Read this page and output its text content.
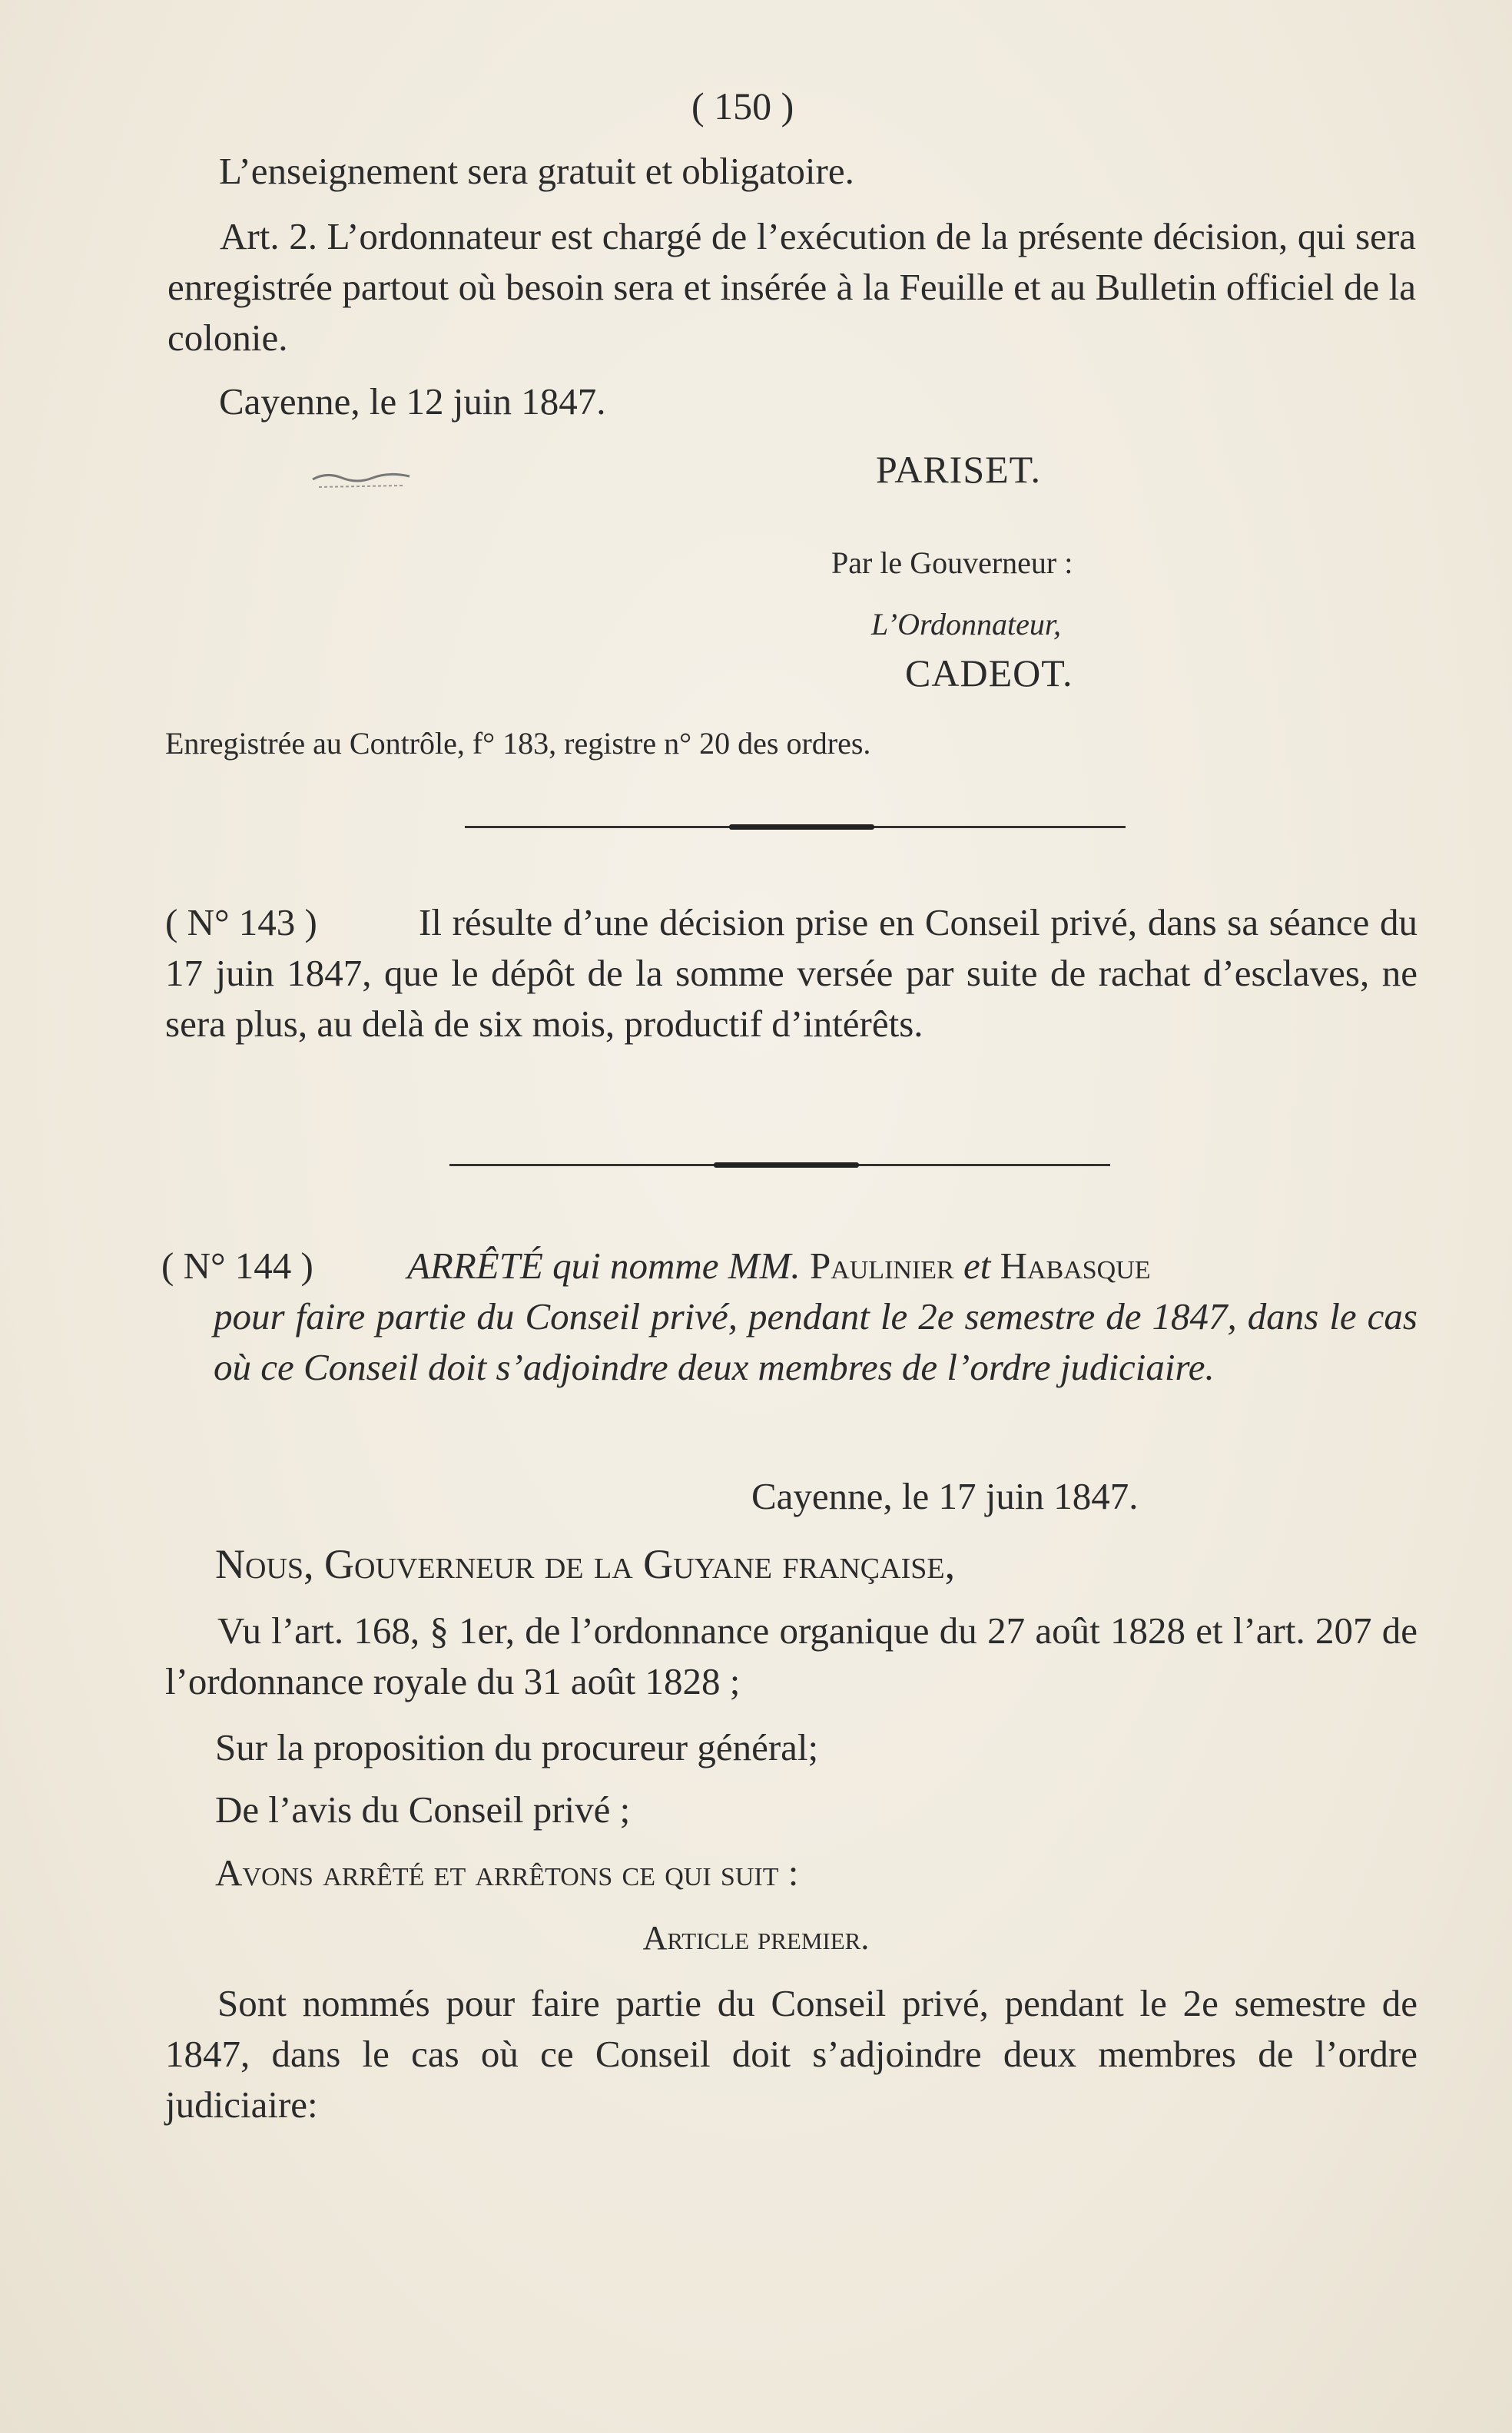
( 150 )
L’enseignement sera gratuit et obligatoire.
Art. 2. L’ordonnateur est chargé de l’exécution de la présente décision, qui sera enregistrée partout où besoin sera et insérée à la Feuille et au Bulletin officiel de la colonie.
Cayenne, le 12 juin 1847.
PARISET.
Par le Gouverneur :
L’Ordonnateur,
CADEOT.
Enregistrée au Contrôle, f° 183, registre n° 20 des ordres.
( N° 143 )	Il résulte d’une décision prise en Conseil privé, dans sa séance du 17 juin 1847, que le dépôt de la somme versée par suite de rachat d’esclaves, ne sera plus, au delà de six mois, productif d’intérêts.
( N° 144 ) ARRÊTÉ qui nomme MM. Paulinier et Habasque
pour faire partie du Conseil privé, pendant le 2e semestre de 1847, dans le cas où ce Conseil doit s’adjoindre deux membres de l’ordre judiciaire.
Cayenne, le 17 juin 1847.
Nous, Gouverneur de la Guyane française,
Vu l’art. 168, § 1er, de l’ordonnance organique du 27 août 1828 et l’art. 207 de l’ordonnance royale du 31 août 1828 ;
Sur la proposition du procureur général;
De l’avis du Conseil privé ;
Avons arrêté et arrêtons ce qui suit :
Article premier.
Sont nommés pour faire partie du Conseil privé, pendant le 2e semestre de 1847, dans le cas où ce Conseil doit s’adjoindre deux membres de l’ordre judiciaire:
